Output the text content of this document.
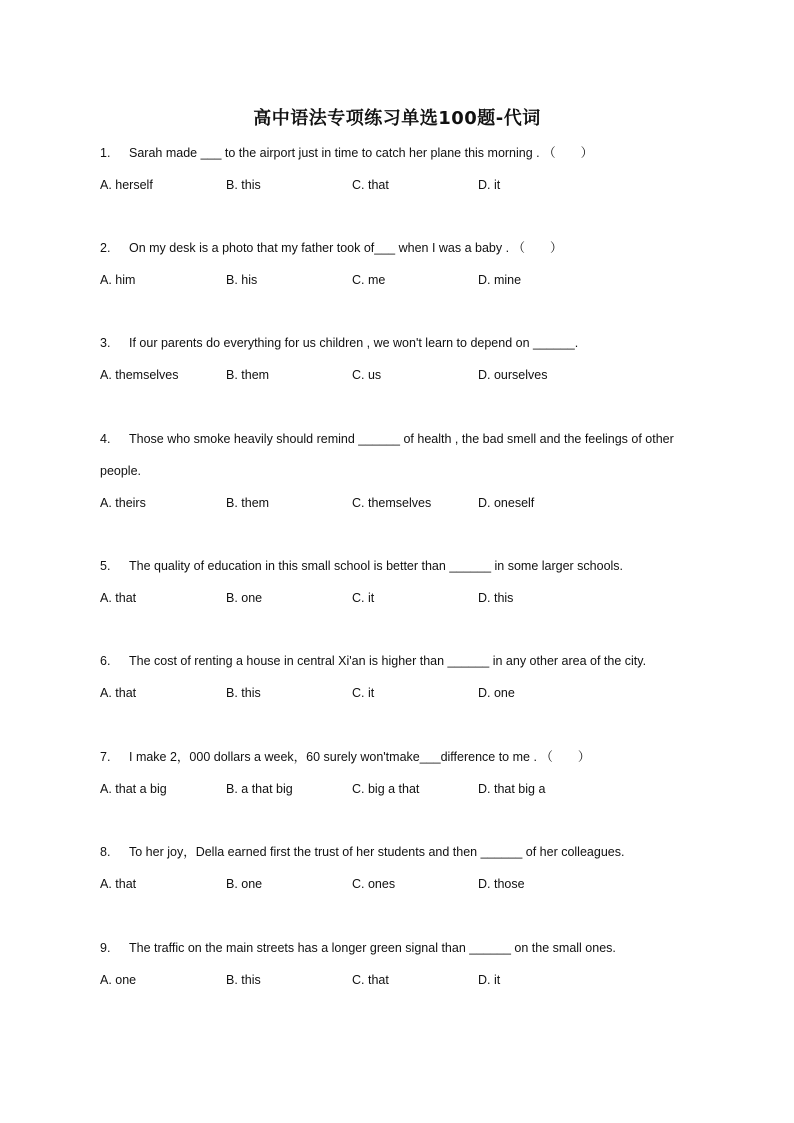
高中语法专项练习单选100题-代词
1. Sarah made ___ to the airport just in time to catch her plane this morning . （　　）
A. herself	B. this	C. that	D. it
2. On my desk is a photo that my father took of___ when I was a baby . （　　）
A. him	B. his	C. me	D. mine
3. If our parents do everything for us children , we won't learn to depend on ______.
A. themselves	B. them	C. us	D. ourselves
4. Those who smoke heavily should remind ______ of health , the bad smell and the feelings of other
people.
A. theirs	B. them	C. themselves	D. oneself
5. The quality of education in this small school is better than ______ in some larger schools.
A. that	B. one	C. it	D. this
6. The cost of renting a house in central Xi'an is higher than ______ in any other area of the city.
A. that	B. this	C. it	D. one
7. I make 2，000 dollars a week，60 surely won'tmake___difference to me . （　　）
A. that a big	B. a that big	C. big a that	D. that big a
8. To her joy，Della earned first the trust of her students and then ______ of her colleagues.
A. that	B. one	C. ones	D. those
9. The traffic on the main streets has a longer green signal than ______ on the small ones.
A. one	B. this	C. that	D. it
